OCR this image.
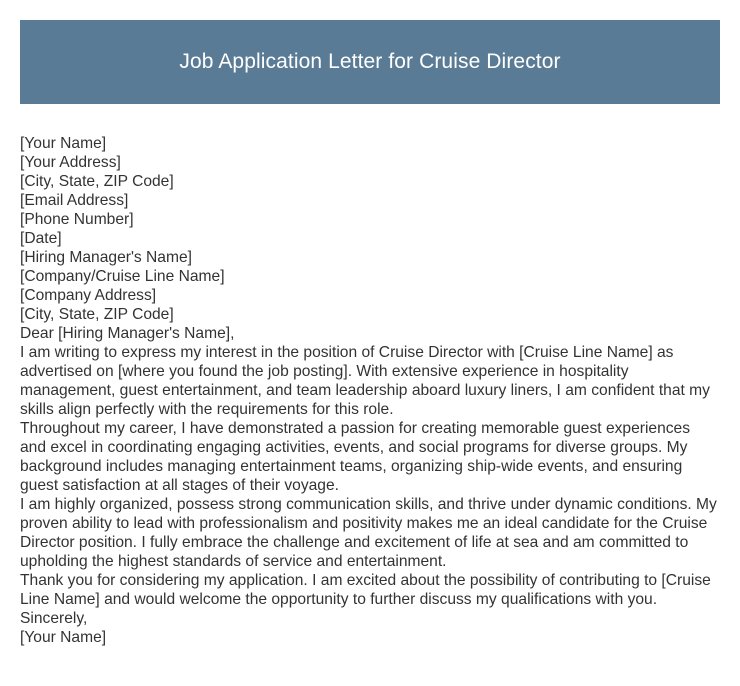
Job Application Letter for Cruise Director
[Your Name]
[Your Address]
[City, State, ZIP Code]
[Email Address]
[Phone Number]
[Date]
[Hiring Manager's Name]
[Company/Cruise Line Name]
[Company Address]
[City, State, ZIP Code]
Dear [Hiring Manager's Name],

I am writing to express my interest in the position of Cruise Director with [Cruise Line Name] as advertised on [where you found the job posting]. With extensive experience in hospitality management, guest entertainment, and team leadership aboard luxury liners, I am confident that my skills align perfectly with the requirements for this role.

Throughout my career, I have demonstrated a passion for creating memorable guest experiences and excel in coordinating engaging activities, events, and social programs for diverse groups. My background includes managing entertainment teams, organizing ship-wide events, and ensuring guest satisfaction at all stages of their voyage.

I am highly organized, possess strong communication skills, and thrive under dynamic conditions. My proven ability to lead with professionalism and positivity makes me an ideal candidate for the Cruise Director position. I fully embrace the challenge and excitement of life at sea and am committed to upholding the highest standards of service and entertainment.

Thank you for considering my application. I am excited about the possibility of contributing to [Cruise Line Name] and would welcome the opportunity to further discuss my qualifications with you.

Sincerely,
[Your Name]
